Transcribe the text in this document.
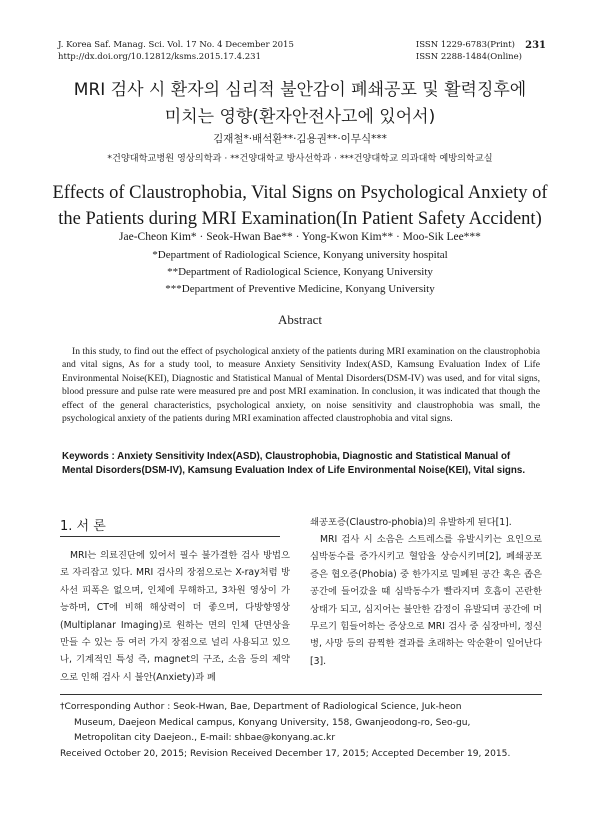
J. Korea Saf. Manag. Sci. Vol. 17 No. 4 December 2015
http://dx.doi.org/10.12812/ksms.2015.17.4.231
ISSN 1229-6783(Print)
ISSN 2288-1484(Online)
231
MRI 검사 시 환자의 심리적 불안감이 폐쇄공포 및 활력징후에
미치는 영향(환자안전사고에 있어서)
김재철*·배석환**·김용권**·이무식***
*건양대학교병원 영상의학과 · **건양대학교 방사선학과 · ***건양대학교 의과대학 예방의학교실
Effects of Claustrophobia, Vital Signs on Psychological Anxiety of
the Patients during MRI Examination(In Patient Safety Accident)
Jae-Cheon Kim* · Seok-Hwan Bae** · Yong-Kwon Kim** · Moo-Sik Lee***
*Department of Radiological Science, Konyang university hospital
**Department of Radiological Science, Konyang University
***Department of Preventive Medicine, Konyang University
Abstract

In this study, to find out the effect of psychological anxiety of the patients during MRI examination on the claustrophobia and vital signs, As for a study tool, to measure Anxiety Sensitivity Index(ASD, Kamsung Evaluation Index of Life Environmental Noise(KEI), Diagnostic and Statistical Manual of Mental Disorders(DSM-IV) was used, and for vital signs, blood pressure and pulse rate were measured pre and post MRI examination. In conclusion, it was indicated that though the effect of the general characteristics, psychological anxiety, on noise sensitivity and claustrophobia was small, the psychological anxiety of the patients during MRI examination affected claustrophobia and vital signs.

Keywords : Anxiety Sensitivity Index(ASD), Claustrophobia, Diagnostic and Statistical Manual of Mental Disorders(DSM-IV), Kamsung Evaluation Index of Life Environmental Noise(KEI), Vital signs.

1. 서 론

MRI는 의료진단에 있어서 필수 불가결한 검사 방법으로 자리잡고 있다. MRI 검사의 장점으로는 X-ray처럼 방사선 피폭은 없으며, 인체에 무해하고, 3차원 영상이 가능하며, CT에 비해 해상력이 더 좋으며, 다방향영상(Multiplanar Imaging)로 원하는 면의 인체 단면상을 만들 수 있는 등 여러 가지 장점으로 널리 사용되고 있으나, 기계적인 특성 즉, magnet의 구조, 소음 등의 제약으로 인해 검사 시 불안(Anxiety)과 폐

쇄공포증(Claustro-phobia)의 유발하게 된다[1].

MRI 검사 시 소음은 스트레스를 유발시키는 요인으로 심박동수를 증가시키고 혈압을 상승시키며[2], 폐쇄공포증은 협오증(Phobia) 중 한가지로 밀폐된 공간 혹은 좁은 공간에 들어갔을 때 심박동수가 빨라지며 호흡이 곤란한 상태가 되고, 심지어는 불안한 감정이 유발되며 공간에 머무르기 힘들어하는 증상으로 MRI 검사 중 심장마비, 정신병, 사망 등의 끔찍한 결과를 초래하는 악순환이 일어난다[3].

†Corresponding Author : Seok-Hwan, Bae, Department of Radiological Science, Juk-heon
Museum, Daejeon Medical campus, Konyang University, 158, Gwanjeodong-ro, Seo-gu,
Metropolitan city Daejeon., E-mail: shbae@konyang.ac.kr
Received October 20, 2015; Revision Received December 17, 2015; Accepted December 19, 2015.
